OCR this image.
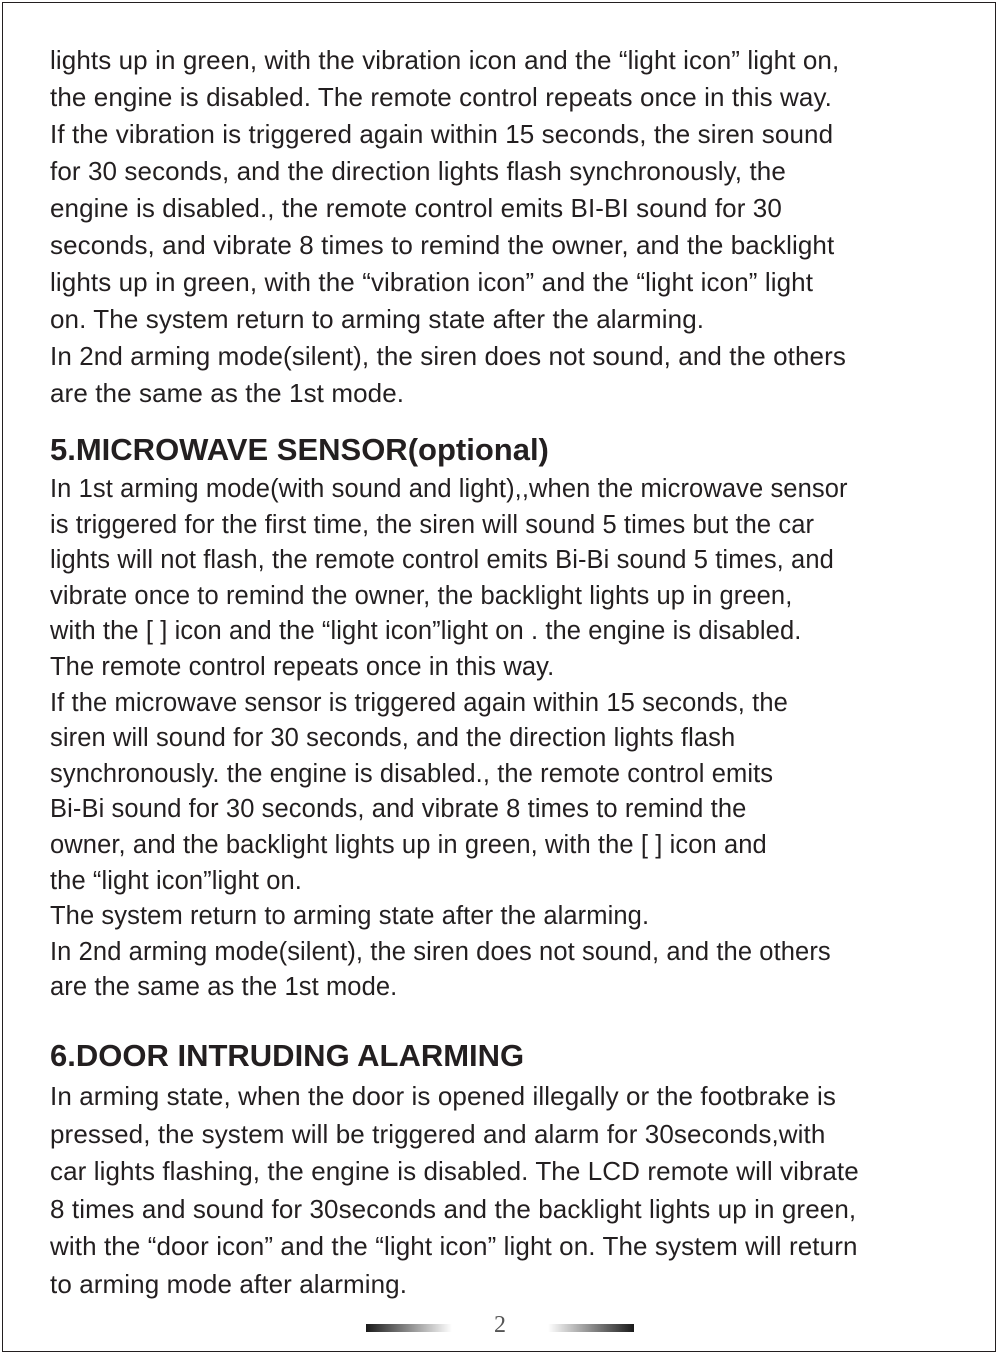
lights up in green, with the vibration icon and the “light icon” light on,
the engine is disabled. The remote control repeats once in this way.
If the vibration is triggered again within 15 seconds, the siren sound
for 30 seconds, and the direction lights flash synchronously, the
engine is disabled., the remote control emits BI-BI sound for 30
seconds, and vibrate 8 times to remind the owner, and the backlight
lights up in green, with the “vibration icon” and the “light icon” light
on. The system return to arming state after the alarming.
In 2nd arming mode(silent), the siren does not sound, and the others
are the same as the 1st mode.

5.MICROWAVE SENSOR(optional)

In 1st arming mode(with sound and light),,when the microwave sensor
is triggered for the first time, the siren will sound 5 times but the car
lights will not flash, the remote control emits Bi-Bi sound 5 times, and
vibrate once to remind the owner, the backlight lights up in green,
with the [ ] icon and the “light icon”light on . the engine is disabled.
The remote control repeats once in this way.
If the microwave sensor is triggered again within 15 seconds, the
siren will sound for 30 seconds, and the direction lights flash
synchronously. the engine is disabled., the remote control emits
Bi-Bi sound for 30 seconds, and vibrate 8 times to remind the
owner, and the backlight lights up in green, with the [ ] icon and
the “light icon”light on.
The system return to arming state after the alarming.
In 2nd arming mode(silent), the siren does not sound, and the others
are the same as the 1st mode.

6.DOOR INTRUDING ALARMING

In arming state, when the door is opened illegally or the footbrake is
pressed, the system will be triggered and alarm for 30seconds,with
car lights flashing, the engine is disabled. The LCD remote will vibrate
8 times and sound for 30seconds and the backlight lights up in green,
with the “door icon” and the “light icon” light on. The system will return
to arming mode after alarming.

2
